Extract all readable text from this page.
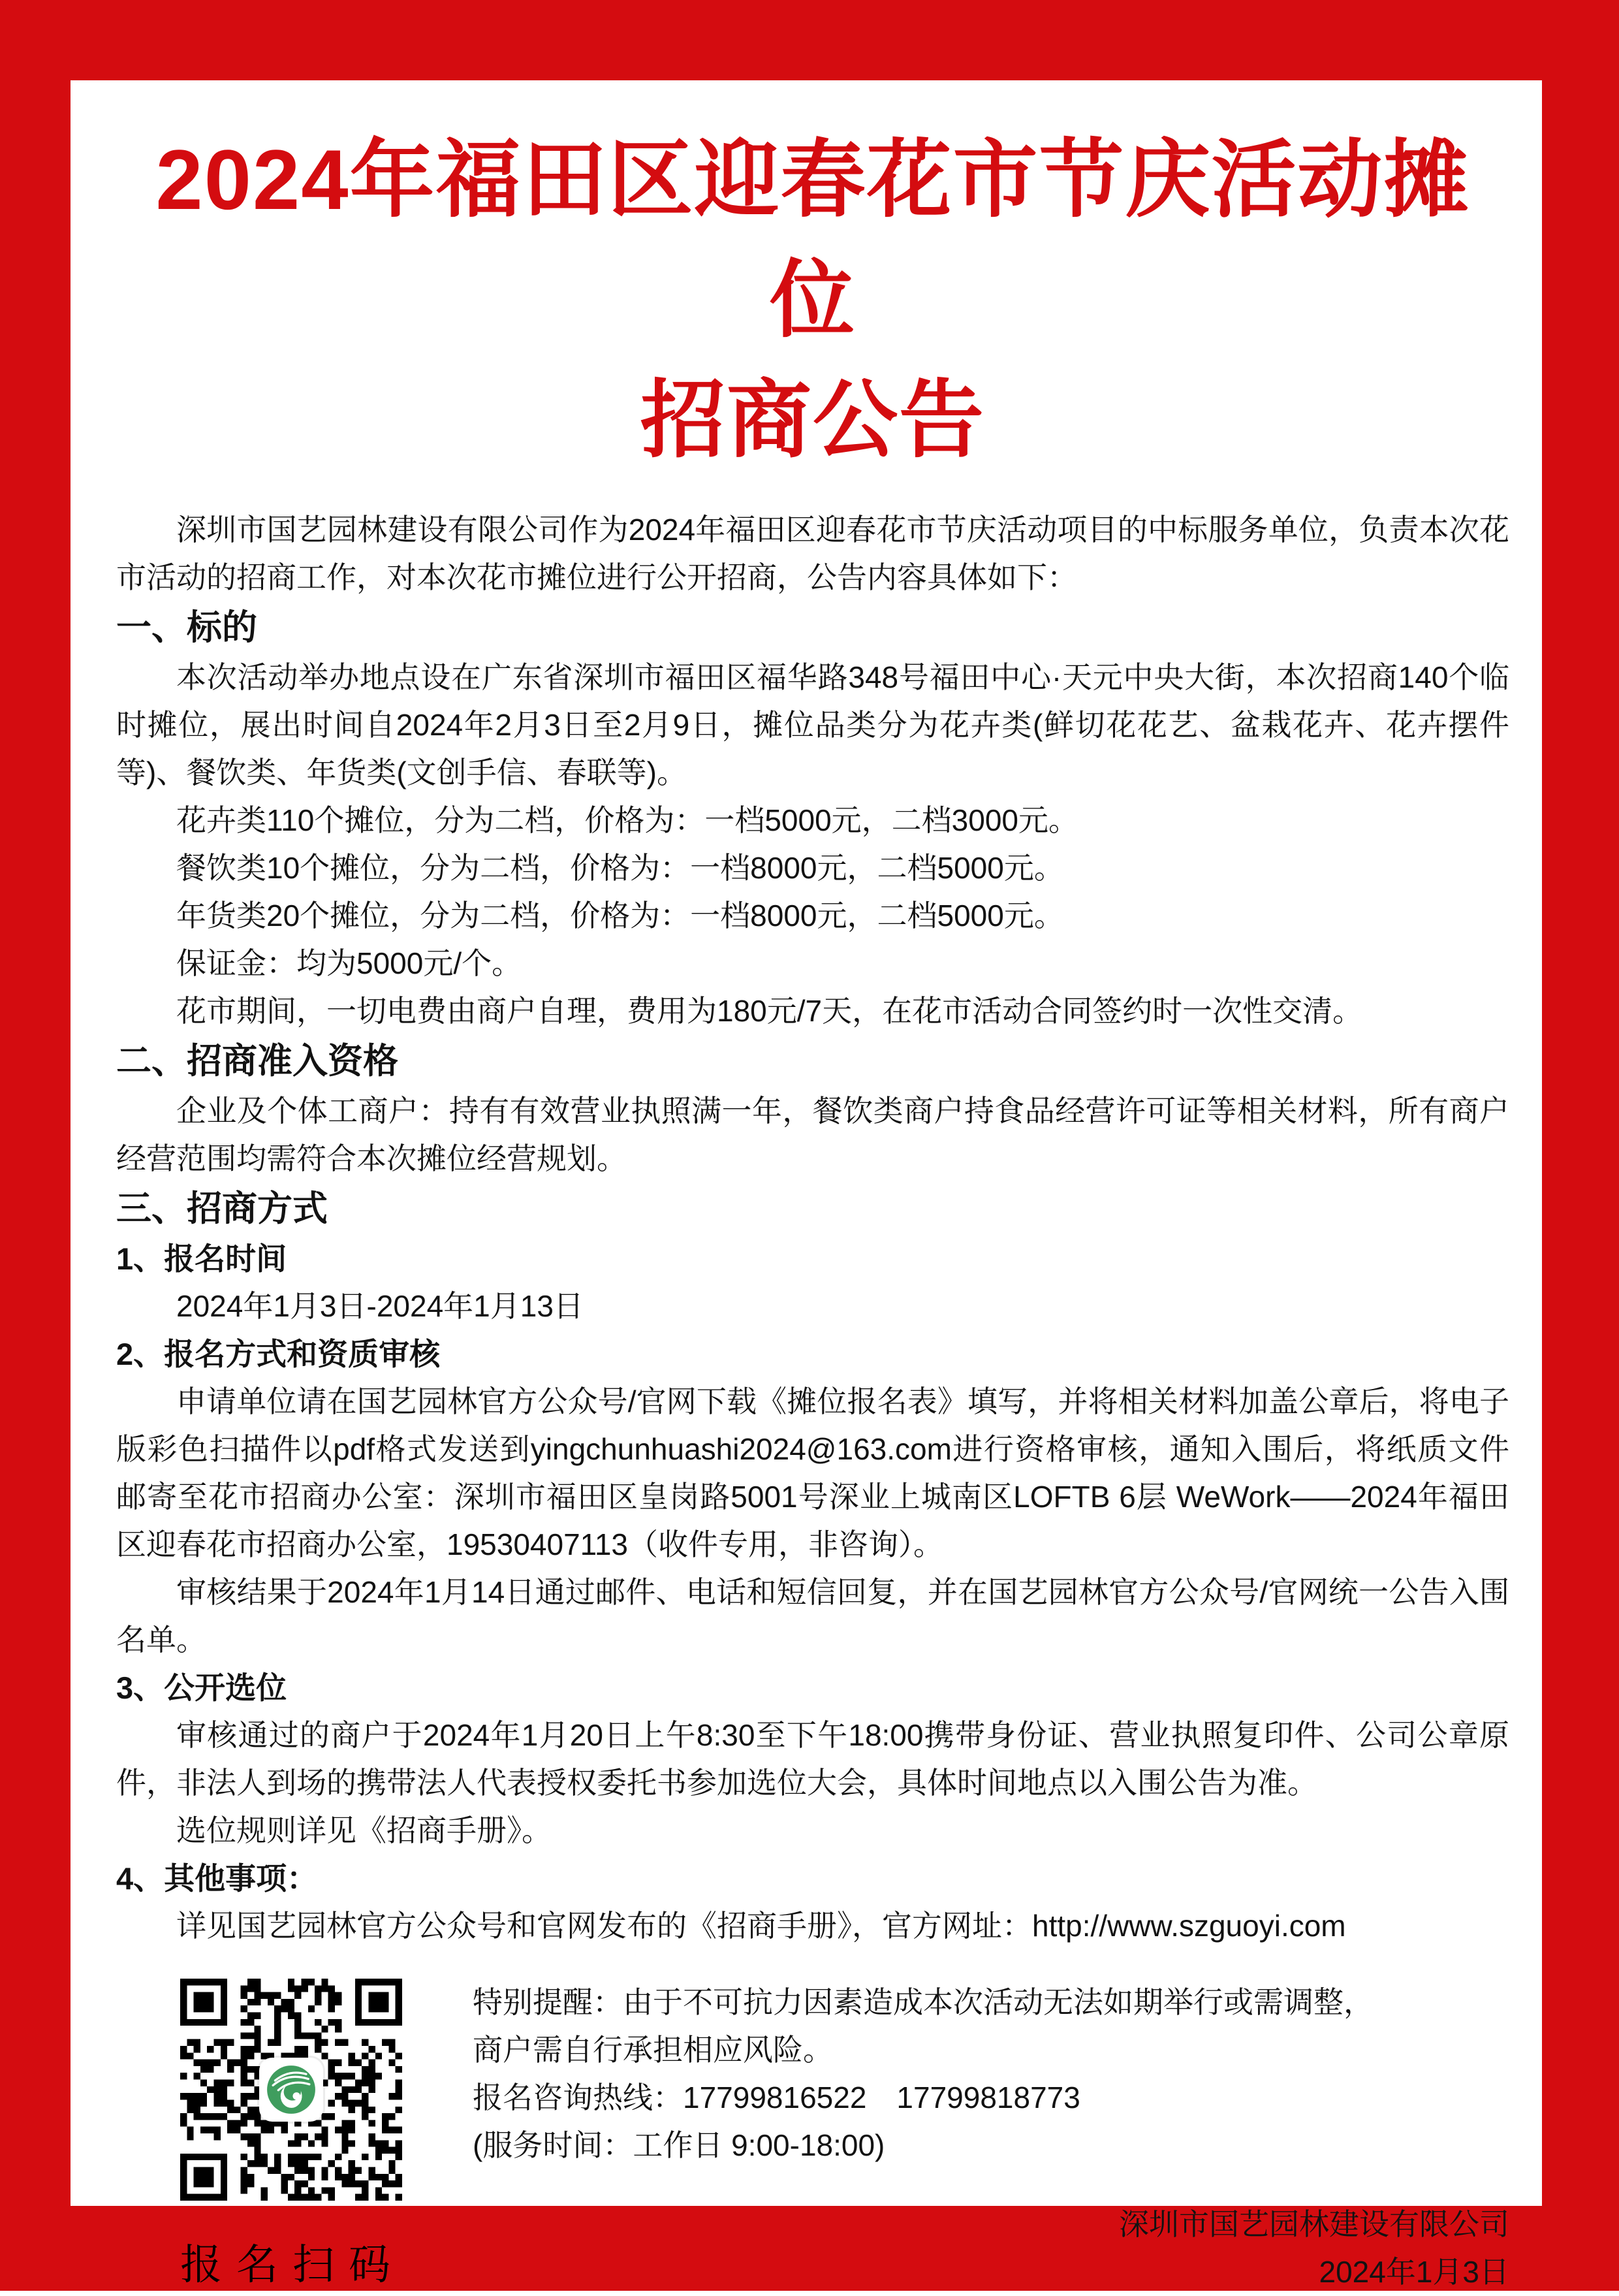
2024年福田区迎春花市节庆活动摊位
招商公告

深圳市国艺园林建设有限公司作为2024年福田区迎春花市节庆活动项目的中标服务单位，负责本次花市活动的招商工作，对本次花市摊位进行公开招商，公告内容具体如下：

一、标的

本次活动举办地点设在广东省深圳市福田区福华路348号福田中心·天元中央大街，本次招商140个临时摊位，展出时间自2024年2月3日至2月9日，摊位品类分为花卉类(鲜切花花艺、盆栽花卉、花卉摆件等)、餐饮类、年货类(文创手信、春联等)。

花卉类110个摊位，分为二档，价格为：一档5000元，二档3000元。

餐饮类10个摊位，分为二档，价格为：一档8000元，二档5000元。

年货类20个摊位，分为二档，价格为：一档8000元，二档5000元。

保证金：均为5000元/个。

花市期间，一切电费由商户自理，费用为180元/7天，在花市活动合同签约时一次性交清。

二、招商准入资格

企业及个体工商户：持有有效营业执照满一年，餐饮类商户持食品经营许可证等相关材料，所有商户经营范围均需符合本次摊位经营规划。

三、招商方式
1、报名时间

2024年1月3日-2024年1月13日

2、报名方式和资质审核

申请单位请在国艺园林官方公众号/官网下载《摊位报名表》填写，并将相关材料加盖公章后，将电子版彩色扫描件以pdf格式发送到yingchunhuashi2024@163.com进行资格审核，通知入围后，将纸质文件邮寄至花市招商办公室：深圳市福田区皇岗路5001号深业上城南区LOFTB 6层 WeWork——2024年福田区迎春花市招商办公室，19530407113（收件专用，非咨询）。

审核结果于2024年1月14日通过邮件、电话和短信回复，并在国艺园林官方公众号/官网统一公告入围名单。

3、公开选位

审核通过的商户于2024年1月20日上午8:30至下午18:00携带身份证、营业执照复印件、公司公章原件，非法人到场的携带法人代表授权委托书参加选位大会，具体时间地点以入围公告为准。

选位规则详见《招商手册》。

4、其他事项：

详见国艺园林官方公众号和官网发布的《招商手册》，官方网址：http://www.szguoyi.com

报名扫码

特别提醒：由于不可抗力因素造成本次活动无法如期举行或需调整，

商户需自行承担相应风险。

报名咨询热线：17799816522　17799818773

(服务时间：工作日 9:00-18:00)

深圳市国艺园林建设有限公司

2024年1月3日
